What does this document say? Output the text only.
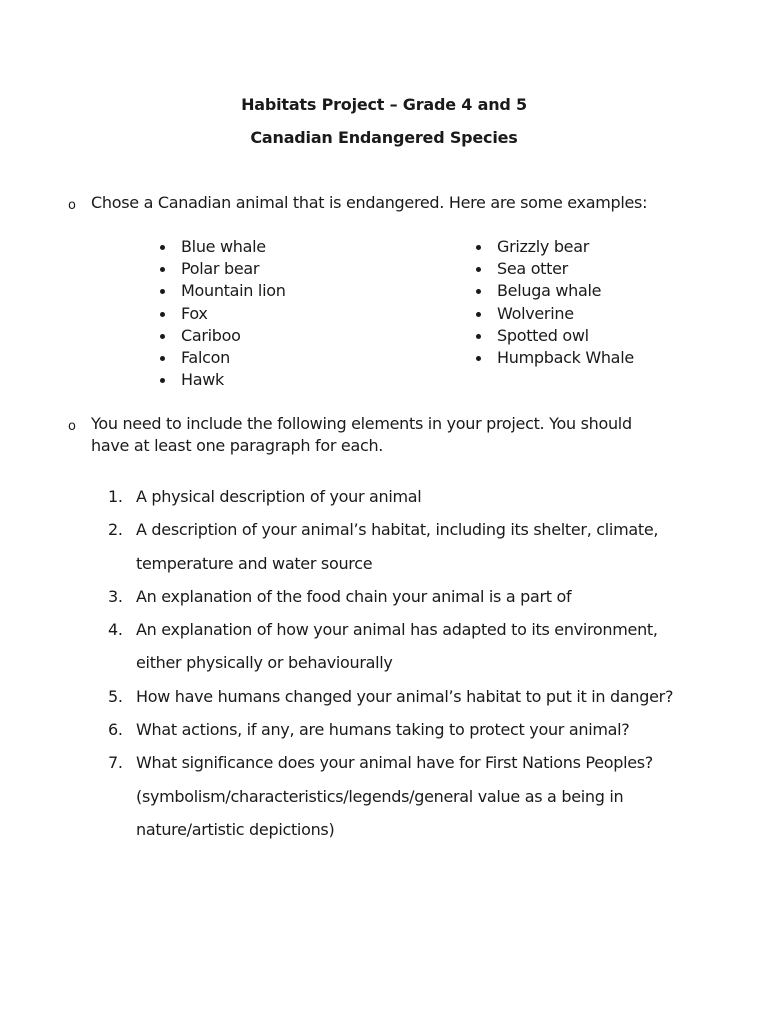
Habitats Project – Grade 4 and 5
Canadian Endangered Species
o Chose a Canadian animal that is endangered. Here are some examples:
Blue whale
Polar bear
Mountain lion
Fox
Cariboo
Falcon
Hawk
Grizzly bear
Sea otter
Beluga whale
Wolverine
Spotted owl
Humpback Whale
o You need to include the following elements in your project. You should have at least one paragraph for each.
1. A physical description of your animal
2. A description of your animal’s habitat, including its shelter, climate, temperature and water source
3. An explanation of the food chain your animal is a part of
4. An explanation of how your animal has adapted to its environment, either physically or behaviourally
5. How have humans changed your animal’s habitat to put it in danger?
6. What actions, if any, are humans taking to protect your animal?
7. What significance does your animal have for First Nations Peoples? (symbolism/characteristics/legends/general value as a being in nature/artistic depictions)
